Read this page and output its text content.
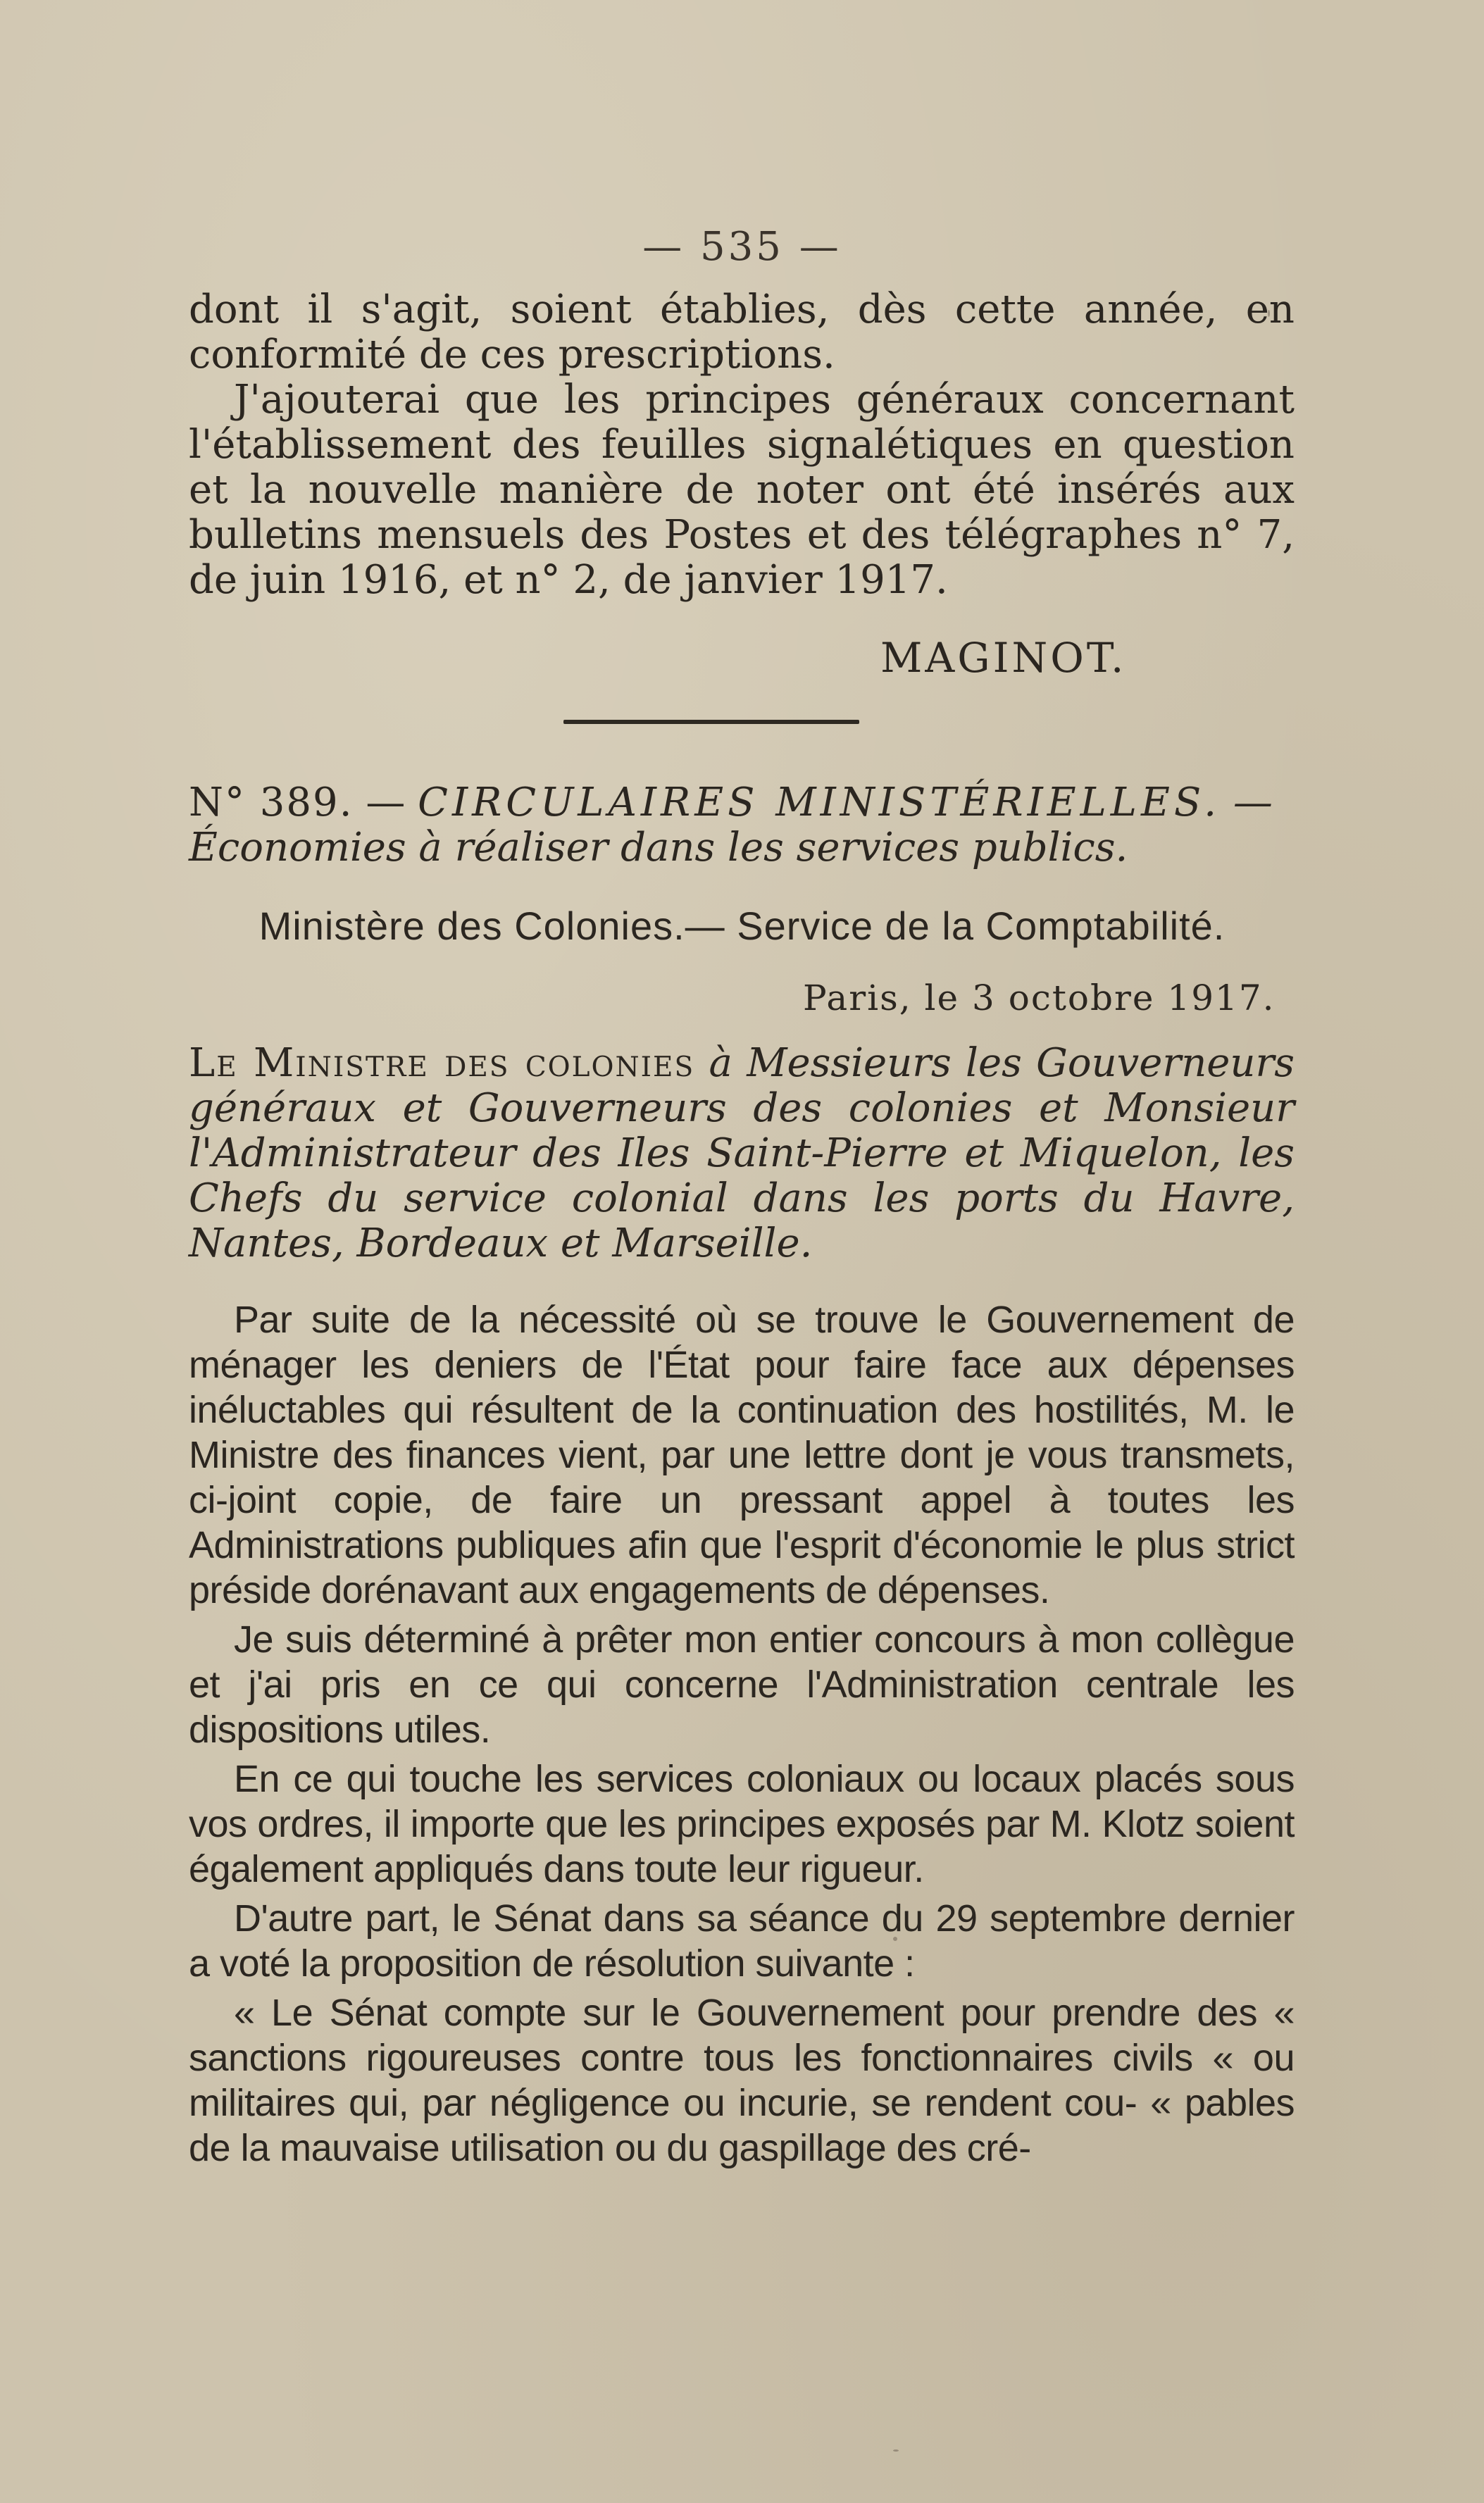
— 535 —

dont il s'agit, soient établies, dès cette année, en conformité de ces prescriptions.

J'ajouterai que les principes généraux concernant l'établissement des feuilles signalétiques en question et la nouvelle manière de noter ont été insérés aux bulletins mensuels des Postes et des télégraphes n° 7, de juin 1916, et n° 2, de janvier 1917.

MAGINOT.

N° 389. — CIRCULAIRES MINISTÉRIELLES. — Économies à réaliser dans les services publics.

Ministère des Colonies.— Service de la Comptabilité.
Paris, le 3 octobre 1917.

Le Ministre des colonies à Messieurs les Gouverneurs généraux et Gouverneurs des colonies et Monsieur l'Administrateur des Iles Saint-Pierre et Miquelon, les Chefs du service colonial dans les ports du Havre, Nantes, Bordeaux et Marseille.

Par suite de la nécessité où se trouve le Gouvernement de ménager les deniers de l'État pour faire face aux dépenses inéluctables qui résultent de la continuation des hostilités, M. le Ministre des finances vient, par une lettre dont je vous transmets, ci-joint copie, de faire un pressant appel à toutes les Administrations publiques afin que l'esprit d'économie le plus strict préside dorénavant aux engagements de dépenses.

Je suis déterminé à prêter mon entier concours à mon collègue et j'ai pris en ce qui concerne l'Administration centrale les dispositions utiles.

En ce qui touche les services coloniaux ou locaux placés sous vos ordres, il importe que les principes exposés par M. Klotz soient également appliqués dans toute leur rigueur.

D'autre part, le Sénat dans sa séance du 29 septembre dernier a voté la proposition de résolution suivante :

« Le Sénat compte sur le Gouvernement pour prendre des « sanctions rigoureuses contre tous les fonctionnaires civils « ou militaires qui, par négligence ou incurie, se rendent cou- « pables de la mauvaise utilisation ou du gaspillage des cré-
